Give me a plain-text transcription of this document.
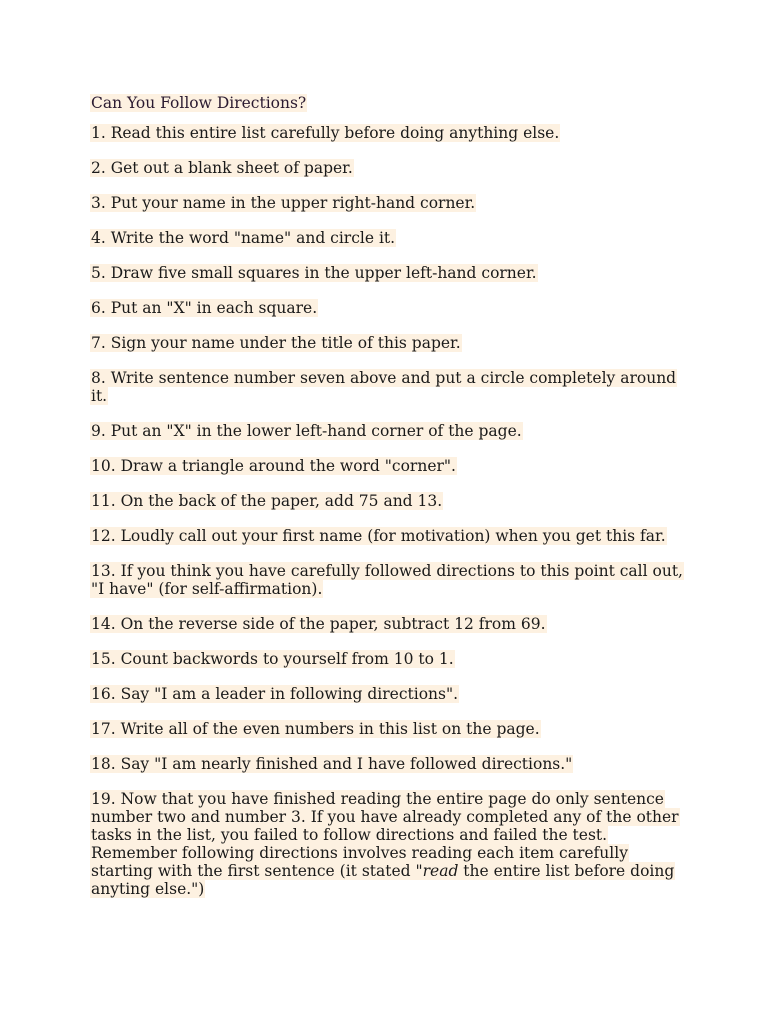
Can You Follow Directions?
1. Read this entire list carefully before doing anything else.
2. Get out a blank sheet of paper.
3. Put your name in the upper right-hand corner.
4. Write the word "name" and circle it.
5. Draw five small squares in the upper left-hand corner.
6. Put an "X" in each square.
7. Sign your name under the title of this paper.
8. Write sentence number seven above and put a circle completely around it.
9. Put an "X" in the lower left-hand corner of the page.
10. Draw a triangle around the word "corner".
11. On the back of the paper, add 75 and 13.
12. Loudly call out your first name (for motivation) when you get this far.
13. If you think you have carefully followed directions to this point call out, "I have" (for self-affirmation).
14. On the reverse side of the paper, subtract 12 from 69.
15. Count backwords to yourself from 10 to 1.
16. Say "I am a leader in following directions".
17. Write all of the even numbers in this list on the page.
18. Say "I am nearly finished and I have followed directions."
19. Now that you have finished reading the entire page do only sentence number two and number 3. If you have already completed any of the other tasks in the list, you failed to follow directions and failed the test. Remember following directions involves reading each item carefully starting with the first sentence (it stated "read the entire list before doing anyting else.")
